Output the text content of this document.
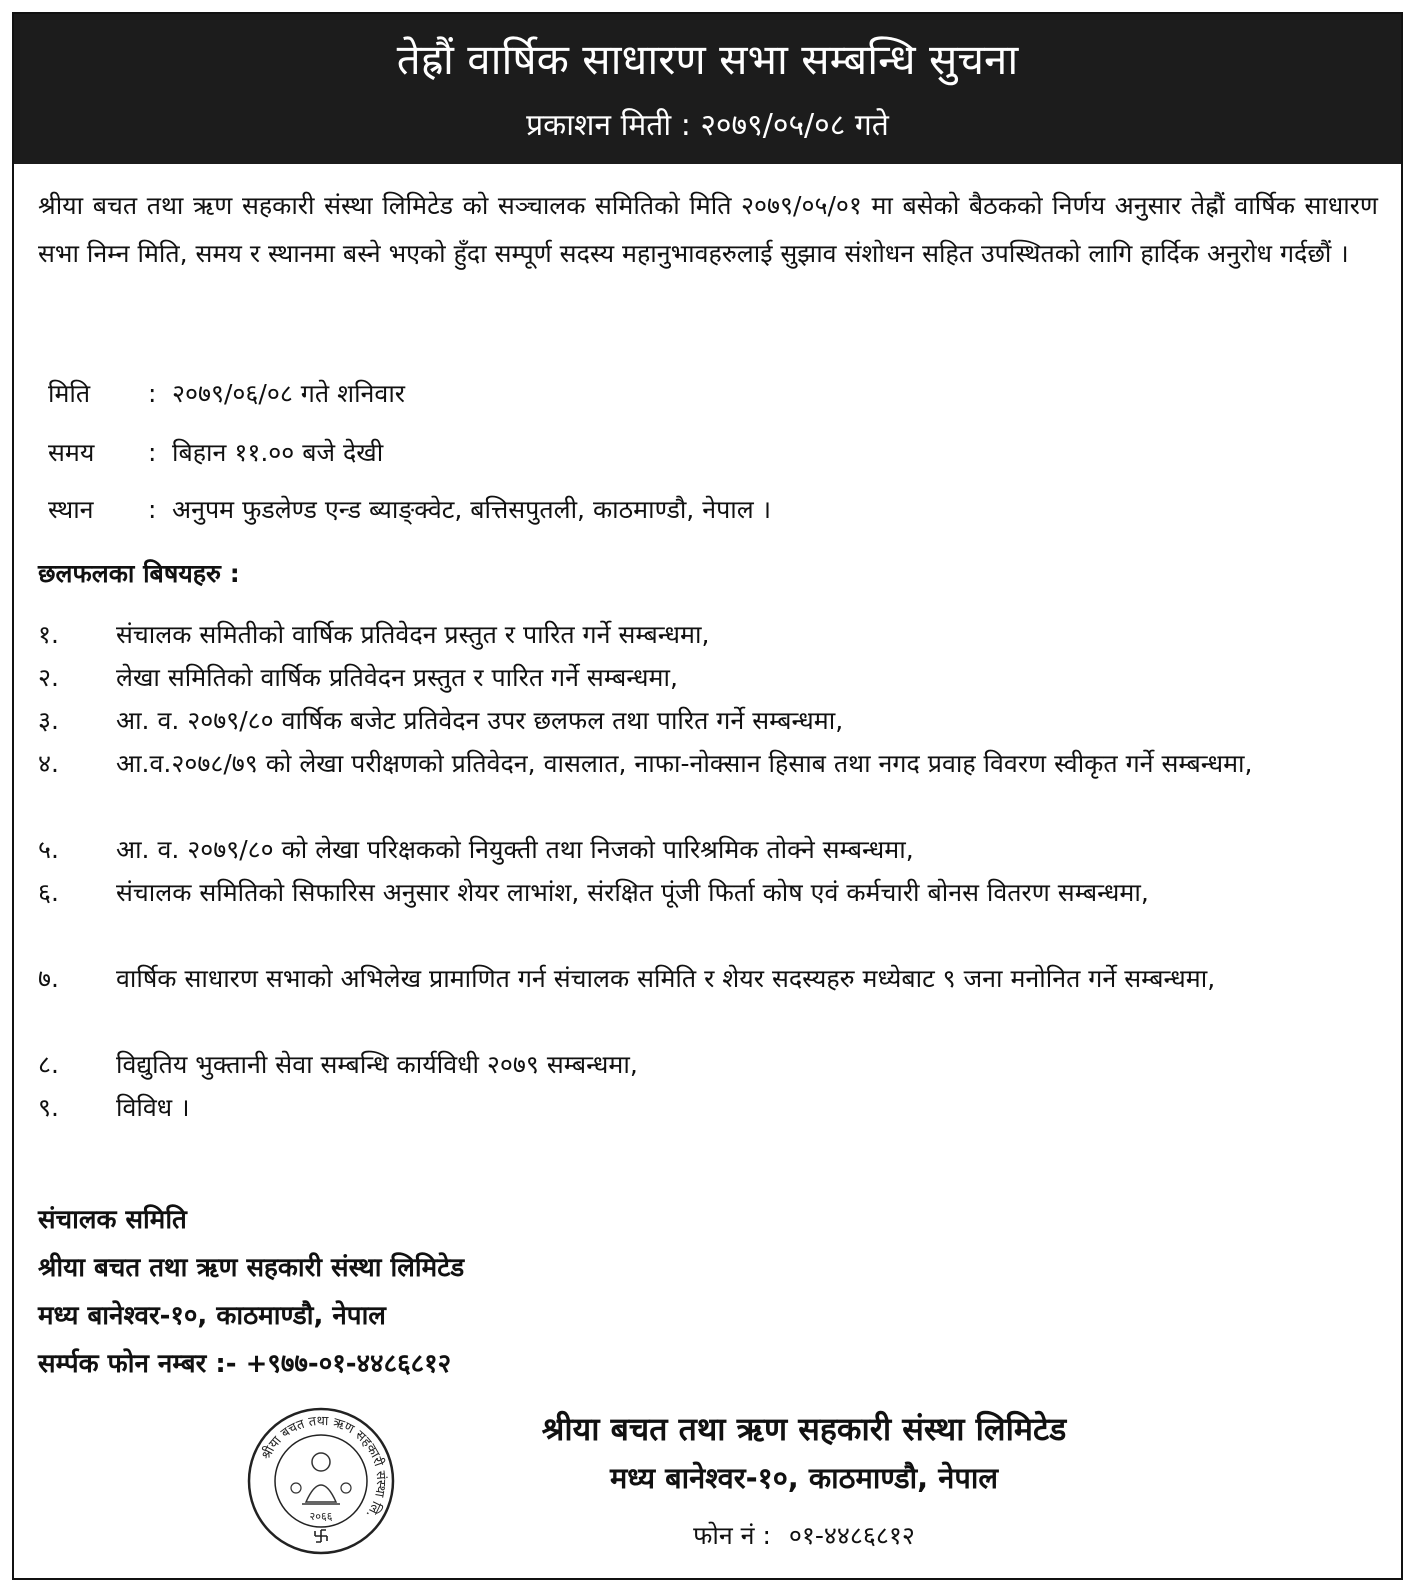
तेह्रौं वार्षिक साधारण सभा सम्बन्धि सुचना
प्रकाशन मिती : २०७९/०५/०८ गते
श्रीया बचत तथा ऋण सहकारी संस्था लिमिटेड को सञ्चालक समितिको मिति २०७९/०५/०१ मा बसेको बैठकको निर्णय अनुसार तेह्रौं वार्षिक साधारण सभा निम्न मिति, समय र स्थानमा बस्ने भएको हुँदा सम्पूर्ण सदस्य महानुभावहरुलाई सुझाव संशोधन सहित उपस्थितको लागि हार्दिक अनुरोध गर्दछौं ।
मिति : २०७९/०६/०८ गते शनिवार
समय : बिहान ११.०० बजे देखी
स्थान : अनुपम फुडलेण्ड एन्ड ब्याङ्क्वेट, बत्तिसपुतली, काठमाण्डौ, नेपाल ।
छलफलका बिषयहरु :
१. संचालक समितीको वार्षिक प्रतिवेदन प्रस्तुत र पारित गर्ने सम्बन्धमा,
२. लेखा समितिको वार्षिक प्रतिवेदन प्रस्तुत र पारित गर्ने सम्बन्धमा,
३. आ. व. २०७९/८० वार्षिक बजेट प्रतिवेदन उपर छलफल तथा पारित गर्ने सम्बन्धमा,
४. आ.व.२०७८/७९ को लेखा परीक्षणको प्रतिवेदन, वासलात, नाफा-नोक्सान हिसाब तथा नगद प्रवाह विवरण स्वीकृत गर्ने सम्बन्धमा,
५. आ. व. २०७९/८० को लेखा परिक्षकको नियुक्ती तथा निजको पारिश्रमिक तोक्ने सम्बन्धमा,
६. संचालक समितिको सिफारिस अनुसार शेयर लाभांश, संरक्षित पूंजी फिर्ता कोष एवं कर्मचारी बोनस वितरण सम्बन्धमा,
७. वार्षिक साधारण सभाको अभिलेख प्रामाणित गर्न संचालक समिति र शेयर सदस्यहरु मध्येबाट ९ जना मनोनित गर्ने सम्बन्धमा,
८. विद्युतिय भुक्तानी सेवा सम्बन्धि कार्यविधी २०७९ सम्बन्धमा,
९. विविध ।
संचालक समिति
श्रीया बचत तथा ऋण सहकारी संस्था लिमिटेड
मध्य बानेश्वर-१०, काठमाण्डौ, नेपाल
सर्म्पक फोन नम्बर :- +९७७-०१-४४८६८१२
श्रीया बचत तथा ऋण सहकारी संस्था लि.
२०६६
श्रीया बचत तथा ऋण सहकारी संस्था लिमिटेड
मध्य बानेश्वर-१०, काठमाण्डौ, नेपाल
फोन नं : ०१-४४८६८१२
